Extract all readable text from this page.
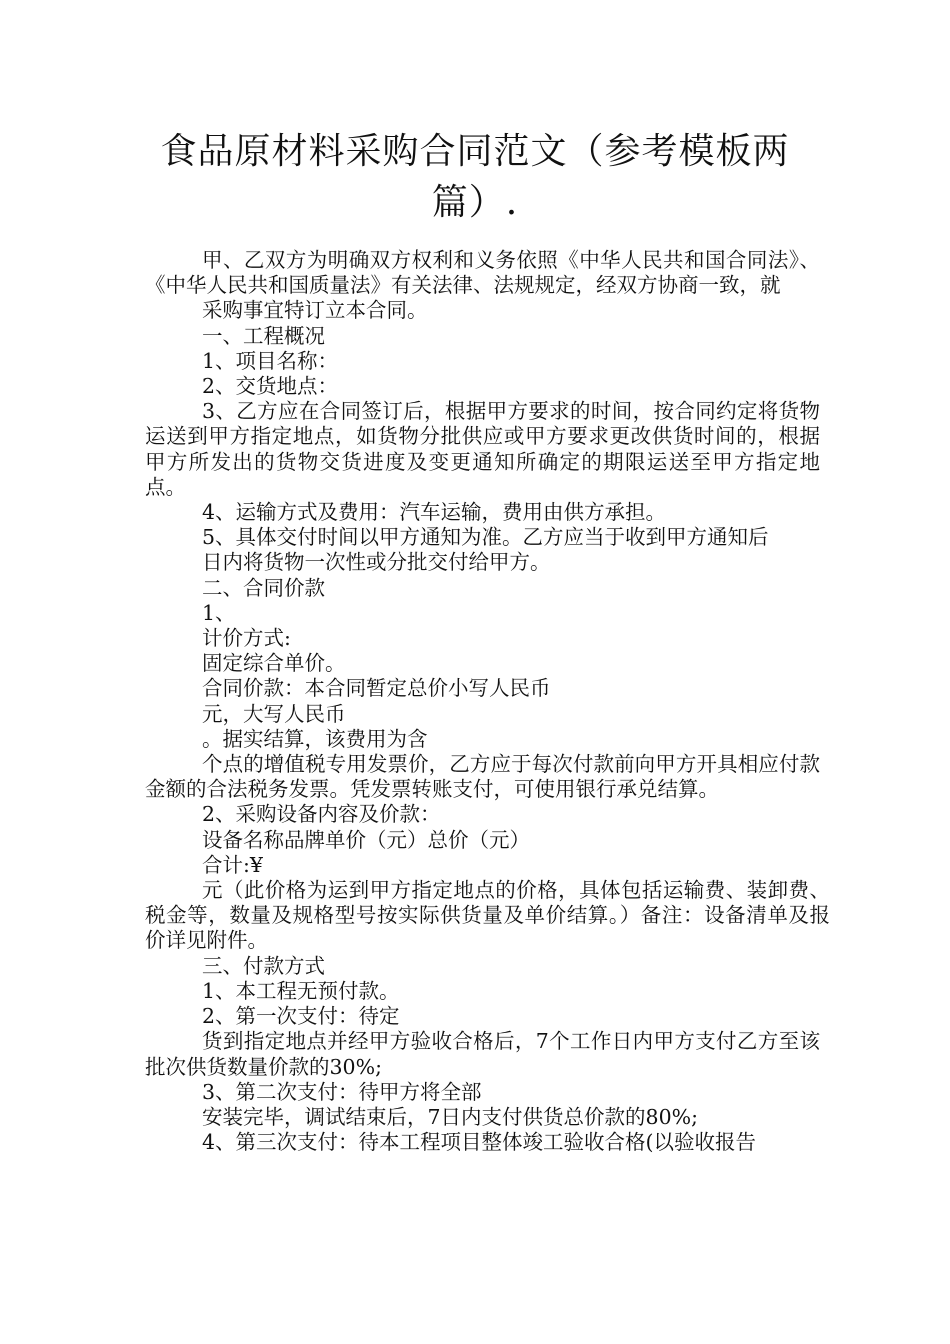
食品原材料采购合同范文（参考模板两篇）.

甲、乙双方为明确双方权利和义务依照《中华人民共和国合同法》、《中华人民共和国质量法》有关法律、法规规定，经双方协商一致，就

采购事宜特订立本合同。

一、工程概况

1、项目名称：

2、交货地点：

3、乙方应在合同签订后，根据甲方要求的时间，按合同约定将货物运送到甲方指定地点，如货物分批供应或甲方要求更改供货时间的，根据甲方所发出的货物交货进度及变更通知所确定的期限运送至甲方指定地点。

4、运输方式及费用：汽车运输，费用由供方承担。

5、具体交付时间以甲方通知为准。乙方应当于收到甲方通知后

日内将货物一次性或分批交付给甲方。

二、合同价款

1、

计价方式:

固定综合单价。

合同价款：本合同暂定总价小写人民币

元，大写人民币

。据实结算，该费用为含

个点的增值税专用发票价，乙方应于每次付款前向甲方开具相应付款金额的合法税务发票。凭发票转账支付，可使用银行承兑结算。

2、采购设备内容及价款：

设备名称品牌单价（元）总价（元）

合计:¥

元（此价格为运到甲方指定地点的价格，具体包括运输费、装卸费、税金等，数量及规格型号按实际供货量及单价结算。）备注：设备清单及报价详见附件。

三、付款方式

1、本工程无预付款。

2、第一次支付：待定

货到指定地点并经甲方验收合格后，7个工作日内甲方支付乙方至该批次供货数量价款的30%;

3、第二次支付：待甲方将全部

安装完毕，调试结束后，7日内支付供货总价款的80%;

4、第三次支付：待本工程项目整体竣工验收合格(以验收报告
